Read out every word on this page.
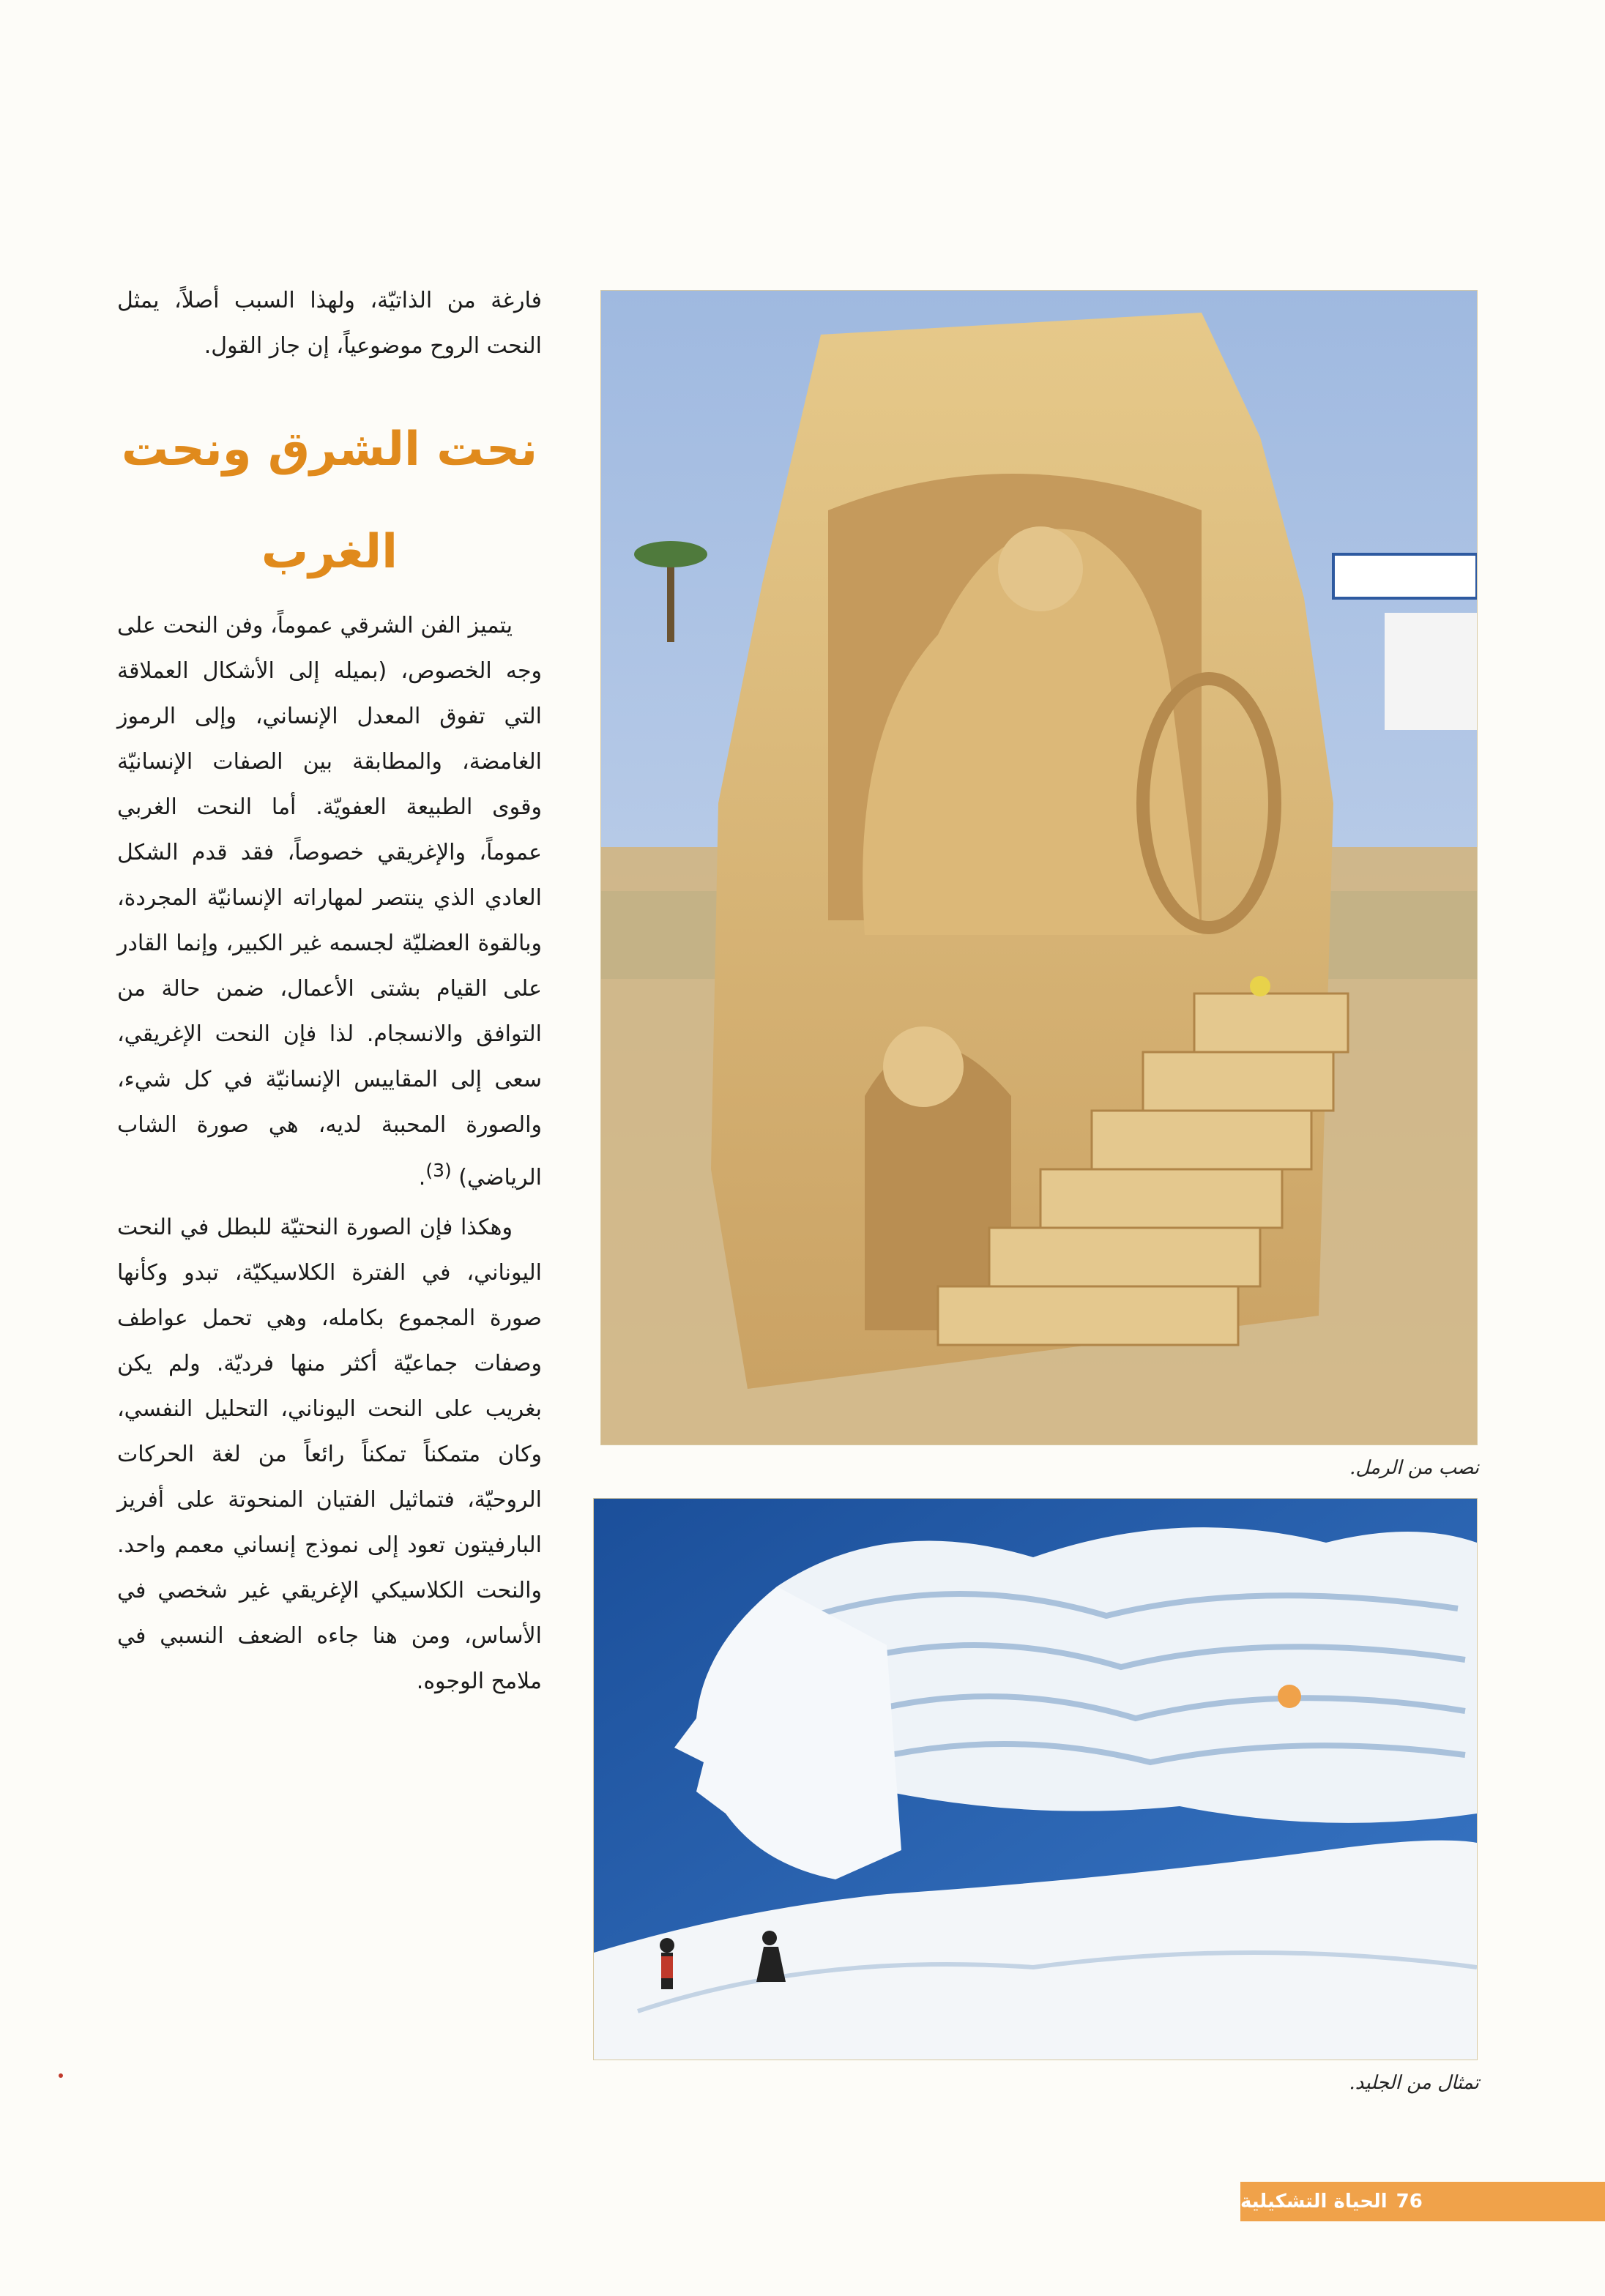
فارغة من الذاتيّة، ولهذا السبب أصلاً، يمثل النحت الروح موضوعياً، إن جاز القول.

نحت الشرق ونحت الغرب

يتميز الفن الشرقي عموماً، وفن النحت على وجه الخصوص، (بميله إلى الأشكال العملاقة التي تفوق المعدل الإنساني، وإلى الرموز الغامضة، والمطابقة بين الصفات الإنسانيّة وقوى الطبيعة العفويّة. أما النحت الغربي عموماً، والإغريقي خصوصاً، فقد قدم الشكل العادي الذي ينتصر لمهاراته الإنسانيّة المجردة، وبالقوة العضليّة لجسمه غير الكبير، وإنما القادر على القيام بشتى الأعمال، ضمن حالة من التوافق والانسجام. لذا فإن النحت الإغريقي، سعى إلى المقاييس الإنسانيّة في كل شيء، والصورة المحببة لديه، هي صورة الشاب الرياضي) $^{(3)}$.

وهكذا فإن الصورة النحتيّة للبطل في النحت اليوناني، في الفترة الكلاسيكيّة، تبدو وكأنها صورة المجموع بكامله، وهي تحمل عواطف وصفات جماعيّة أكثر منها فرديّة. ولم يكن بغريب على النحت اليوناني، التحليل النفسي، وكان متمكناً تمكناً رائعاً من لغة الحركات الروحيّة، فتماثيل الفتيان المنحوتة على أفريز البارفيتون تعود إلى نموذج إنساني معمم واحد. والنحت الكلاسيكي الإغريقي غير شخصي في الأساس، ومن هنا جاءه الضعف النسبي في ملامح الوجوه.

نصب من الرمل.
تمثال من الجليد.
76
الحياة التشكيلية
